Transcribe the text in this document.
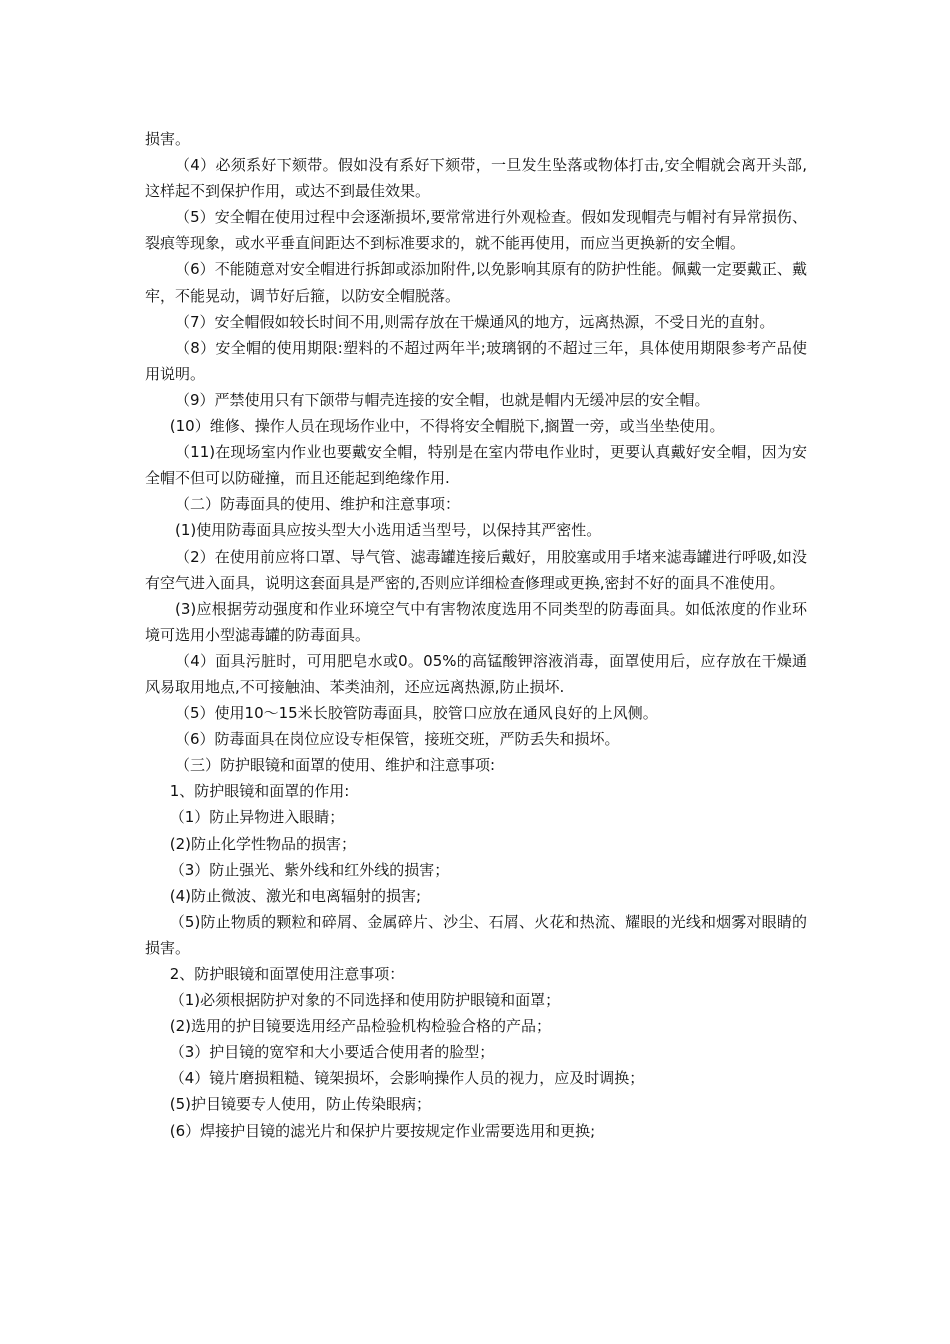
损害。

（4）必须系好下颏带。假如没有系好下颏带，一旦发生坠落或物体打击,安全帽就会离开头部,这样起不到保护作用，或达不到最佳效果。

（5）安全帽在使用过程中会逐渐损坏,要常常进行外观检查。假如发现帽壳与帽衬有异常损伤、裂痕等现象，或水平垂直间距达不到标准要求的，就不能再使用，而应当更换新的安全帽。

（6）不能随意对安全帽进行拆卸或添加附件,以免影响其原有的防护性能。佩戴一定要戴正、戴牢，不能晃动，调节好后箍，以防安全帽脱落。

（7）安全帽假如较长时间不用,则需存放在干燥通风的地方，远离热源，不受日光的直射。

（8）安全帽的使用期限:塑料的不超过两年半;玻璃钢的不超过三年，具体使用期限参考产品使用说明。

（9）严禁使用只有下颌带与帽壳连接的安全帽，也就是帽内无缓冲层的安全帽。

(10）维修、操作人员在现场作业中，不得将安全帽脱下,搁置一旁，或当坐垫使用。

（11)在现场室内作业也要戴安全帽，特别是在室内带电作业时，更要认真戴好安全帽，因为安全帽不但可以防碰撞，而且还能起到绝缘作用.

（二）防毒面具的使用、维护和注意事项：

(1)使用防毒面具应按头型大小选用适当型号，以保持其严密性。

（2）在使用前应将口罩、导气管、滤毒罐连接后戴好，用胶塞或用手堵来滤毒罐进行呼吸,如没有空气进入面具，说明这套面具是严密的,否则应详细检查修理或更换,密封不好的面具不准使用。

(3)应根据劳动强度和作业环境空气中有害物浓度选用不同类型的防毒面具。如低浓度的作业环境可选用小型滤毒罐的防毒面具。

（4）面具污脏时，可用肥皂水或0。05%的高锰酸钾溶液消毒，面罩使用后，应存放在干燥通风易取用地点,不可接触油、苯类油剂，还应远离热源,防止损坏.

（5）使用10～15米长胶管防毒面具，胶管口应放在通风良好的上风侧。

（6）防毒面具在岗位应设专柜保管，接班交班，严防丢失和损坏。

（三）防护眼镜和面罩的使用、维护和注意事项:

1、防护眼镜和面罩的作用:

（1）防止异物进入眼睛；

(2)防止化学性物品的损害；

（3）防止强光、紫外线和红外线的损害；

(4)防止微波、激光和电离辐射的损害;

（5)防止物质的颗粒和碎屑、金属碎片、沙尘、石屑、火花和热流、耀眼的光线和烟雾对眼睛的损害。

2、防护眼镜和面罩使用注意事项：

（1)必须根据防护对象的不同选择和使用防护眼镜和面罩；

(2)选用的护目镜要选用经产品检验机构检验合格的产品；

（3）护目镜的宽窄和大小要适合使用者的脸型；

（4）镜片磨损粗糙、镜架损坏，会影响操作人员的视力，应及时调换；

(5)护目镜要专人使用，防止传染眼病；

(6）焊接护目镜的滤光片和保护片要按规定作业需要选用和更换;
